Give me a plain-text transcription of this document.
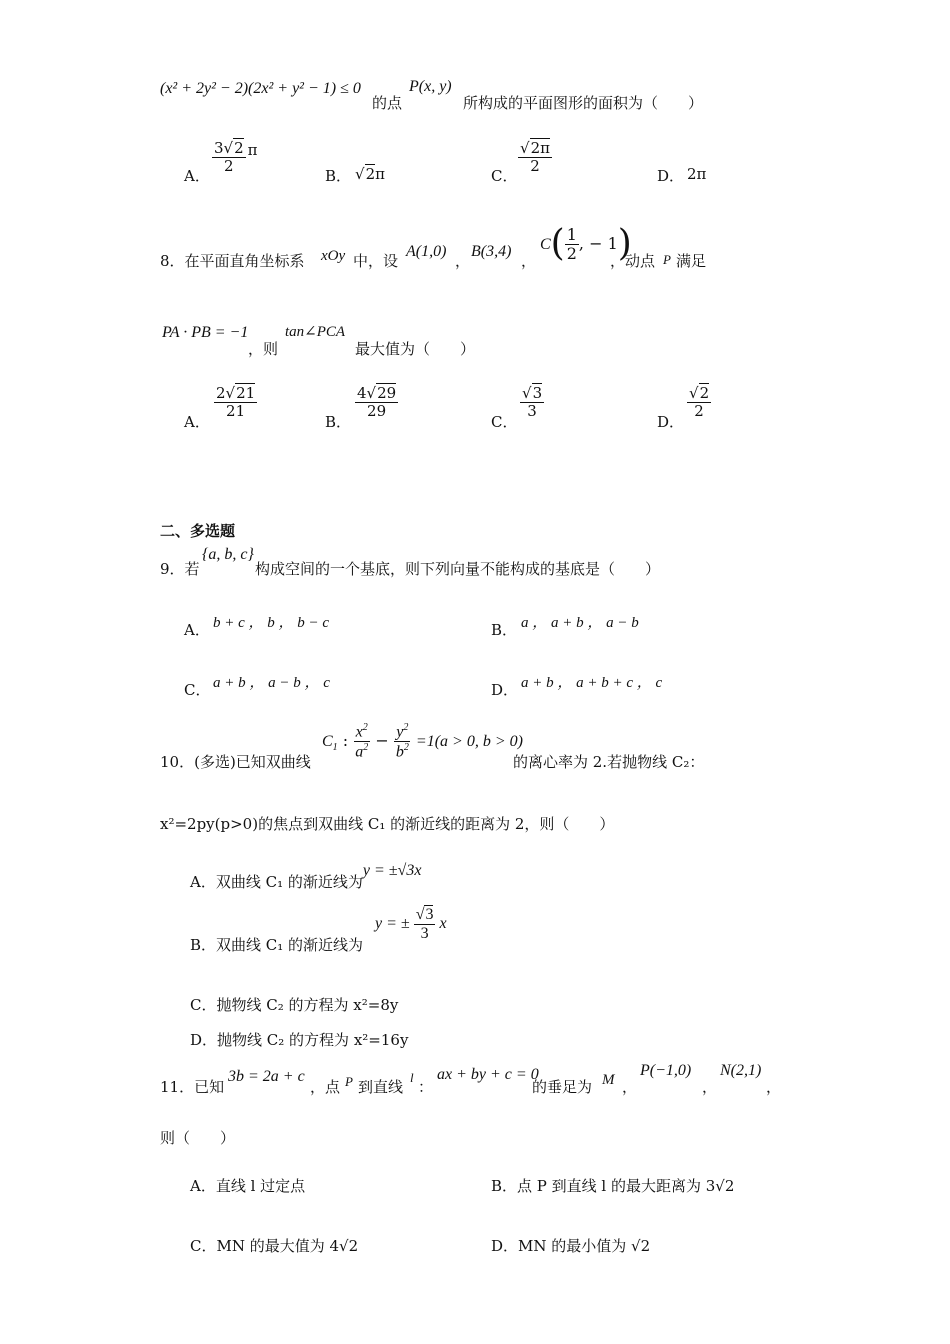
(x² + 2y² − 2)(2x² + y² − 1) ≤ 0
的点
P(x, y)
所构成的平面图形的面积为（　　）
A．
$\frac{3√2}{2}$ π
B． √2π	C．
$\frac{√2\pi}{2}$
D． 2π
8．在平面直角坐标系 xOy 中，设
A(1,0)
，
B(3,4)
，
$C( \frac{1}{2}$ , − 1)
，动点 P 满足
PA · PB = −1
，则
tan∠PCA
最大值为（　　）
A．
$\frac{2√21}{21}$
B．
$\frac{4√29}{29}$
C．
$\frac{√3}{3}$
D．
$\frac{√2}{2}$
二、多选题
9．若
{a, b, c}
构成空间的一个基底，则下列向量不能构成的基底是（　　）
A． b + c ， b ， b − c	B． a ， a + b ， a − b
C． a + b ， a − b ， c	D． a + b ， a + b + c ， c
10．(多选)已知双曲线
$C_1$ : $\frac{x^2}{a^2} - \frac{y^2}{b^2} =1(a > 0$, b > 0)
的离心率为 2.若抛物线 C₂：
x²=2py(p>0)的焦点到双曲线 C₁ 的渐近线的距离为 2，则（　　）
A．双曲线 C₁ 的渐近线为y = ±√3x
B．双曲线 C₁ 的渐近线为
y = ± $\frac{√3}{3}$ x
C．抛物线 C₂ 的方程为 x²=8y
D．抛物线 C₂ 的方程为 x²=16y
11．已知
3b = 2a + c
，点 P 到直线
l
：
ax + by + c = 0
的垂足为 M ，
P(−1,0)
，
N(2,1)
，
则（　　）
A．直线 l 过定点	B．点 P 到直线 l 的最大距离为 3√2
C．MN 的最大值为 4√2	D．MN 的最小值为 √2
